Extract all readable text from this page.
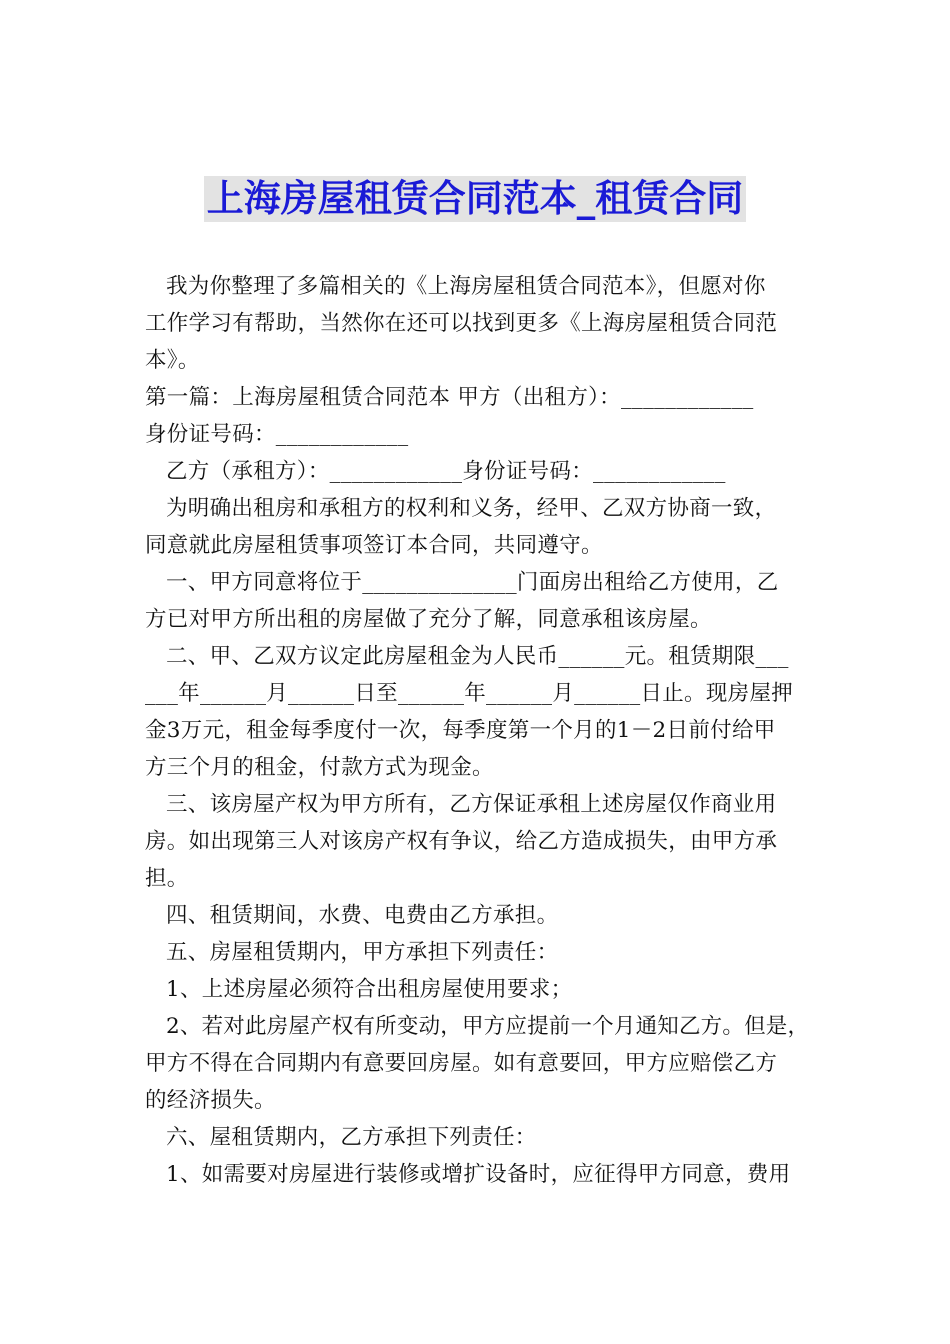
上海房屋租赁合同范本_租赁合同
我为你整理了多篇相关的《上海房屋租赁合同范本》，但愿对你
工作学习有帮助，当然你在还可以找到更多《上海房屋租赁合同范
本》。
第一篇：上海房屋租赁合同范本 甲方（出租方）：____________
身份证号码：____________
乙方（承租方）：____________身份证号码：____________
为明确出租房和承租方的权利和义务，经甲、乙双方协商一致，
同意就此房屋租赁事项签订本合同，共同遵守。
一、甲方同意将位于______________门面房出租给乙方使用，乙
方已对甲方所出租的房屋做了充分了解，同意承租该房屋。
二、甲、乙双方议定此房屋租金为人民币______元。租赁期限___
___年______月______日至______年______月______日止。现房屋押
金3万元，租金每季度付一次，每季度第一个月的1－2日前付给甲
方三个月的租金，付款方式为现金。
三、该房屋产权为甲方所有，乙方保证承租上述房屋仅作商业用
房。如出现第三人对该房产权有争议，给乙方造成损失，由甲方承
担。
四、租赁期间，水费、电费由乙方承担。
五、房屋租赁期内，甲方承担下列责任：
1、上述房屋必须符合出租房屋使用要求；
2、若对此房屋产权有所变动，甲方应提前一个月通知乙方。但是，
甲方不得在合同期内有意要回房屋。如有意要回，甲方应赔偿乙方
的经济损失。
六、屋租赁期内，乙方承担下列责任：
1、如需要对房屋进行装修或增扩设备时，应征得甲方同意，费用
